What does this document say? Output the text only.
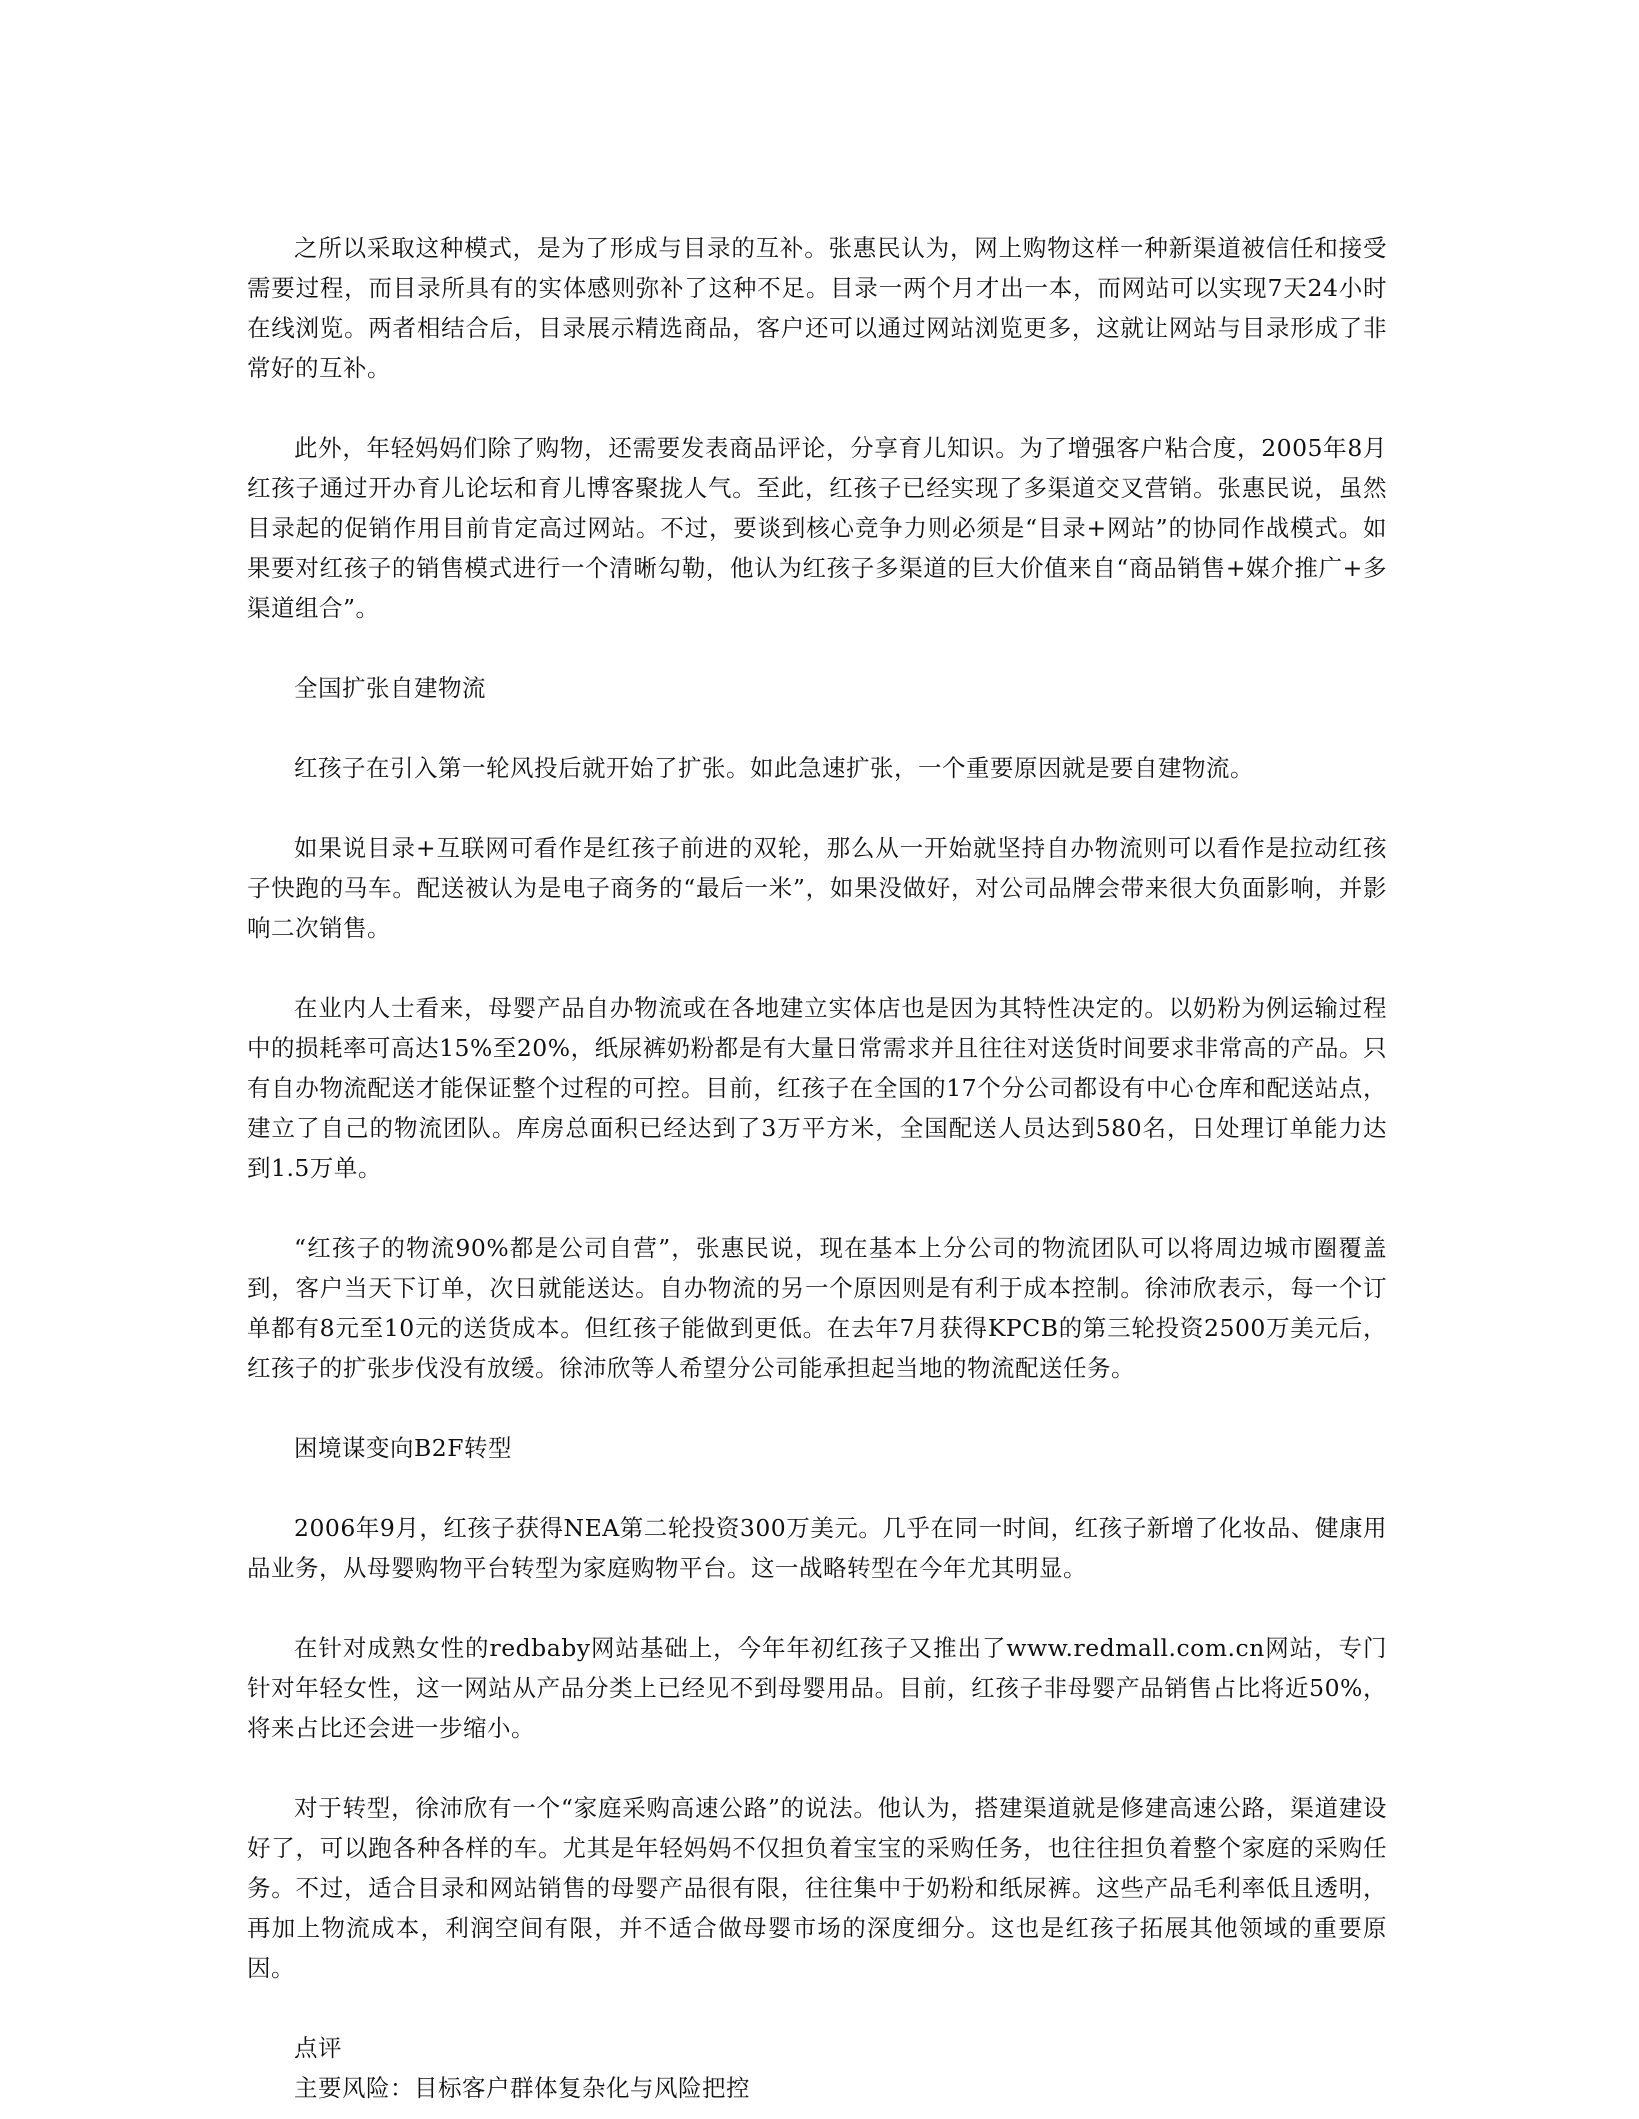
之所以采取这种模式，是为了形成与目录的互补。张惠民认为，网上购物这样一种新渠道被信任和接受需要过程，而目录所具有的实体感则弥补了这种不足。目录一两个月才出一本，而网站可以实现7天24小时在线浏览。两者相结合后，目录展示精选商品，客户还可以通过网站浏览更多，这就让网站与目录形成了非常好的互补。

此外，年轻妈妈们除了购物，还需要发表商品评论，分享育儿知识。为了增强客户粘合度，2005年8月红孩子通过开办育儿论坛和育儿博客聚拢人气。至此，红孩子已经实现了多渠道交叉营销。张惠民说，虽然目录起的促销作用目前肯定高过网站。不过，要谈到核心竞争力则必须是“目录+网站”的协同作战模式。如果要对红孩子的销售模式进行一个清晰勾勒，他认为红孩子多渠道的巨大价值来自“商品销售+媒介推广+多渠道组合”。

全国扩张自建物流

红孩子在引入第一轮风投后就开始了扩张。如此急速扩张，一个重要原因就是要自建物流。

如果说目录+互联网可看作是红孩子前进的双轮，那么从一开始就坚持自办物流则可以看作是拉动红孩子快跑的马车。配送被认为是电子商务的“最后一米”，如果没做好，对公司品牌会带来很大负面影响，并影响二次销售。

在业内人士看来，母婴产品自办物流或在各地建立实体店也是因为其特性决定的。以奶粉为例运输过程中的损耗率可高达15%至20%，纸尿裤奶粉都是有大量日常需求并且往往对送货时间要求非常高的产品。只有自办物流配送才能保证整个过程的可控。目前，红孩子在全国的17个分公司都设有中心仓库和配送站点，建立了自己的物流团队。库房总面积已经达到了3万平方米，全国配送人员达到580名，日处理订单能力达到1.5万单。

“红孩子的物流90%都是公司自营”，张惠民说，现在基本上分公司的物流团队可以将周边城市圈覆盖到，客户当天下订单，次日就能送达。自办物流的另一个原因则是有利于成本控制。徐沛欣表示，每一个订单都有8元至10元的送货成本。但红孩子能做到更低。在去年7月获得KPCB的第三轮投资2500万美元后，红孩子的扩张步伐没有放缓。徐沛欣等人希望分公司能承担起当地的物流配送任务。

困境谋变向B2F转型

2006年9月，红孩子获得NEA第二轮投资300万美元。几乎在同一时间，红孩子新增了化妆品、健康用品业务，从母婴购物平台转型为家庭购物平台。这一战略转型在今年尤其明显。

在针对成熟女性的redbaby网站基础上，今年年初红孩子又推出了www.redmall.com.cn网站，专门针对年轻女性，这一网站从产品分类上已经见不到母婴用品。目前，红孩子非母婴产品销售占比将近50%，将来占比还会进一步缩小。

对于转型，徐沛欣有一个“家庭采购高速公路”的说法。他认为，搭建渠道就是修建高速公路，渠道建设好了，可以跑各种各样的车。尤其是年轻妈妈不仅担负着宝宝的采购任务，也往往担负着整个家庭的采购任务。不过，适合目录和网站销售的母婴产品很有限，往往集中于奶粉和纸尿裤。这些产品毛利率低且透明，再加上物流成本，利润空间有限，并不适合做母婴市场的深度细分。这也是红孩子拓展其他领域的重要原因。

点评

主要风险：目标客户群体复杂化与风险把控
